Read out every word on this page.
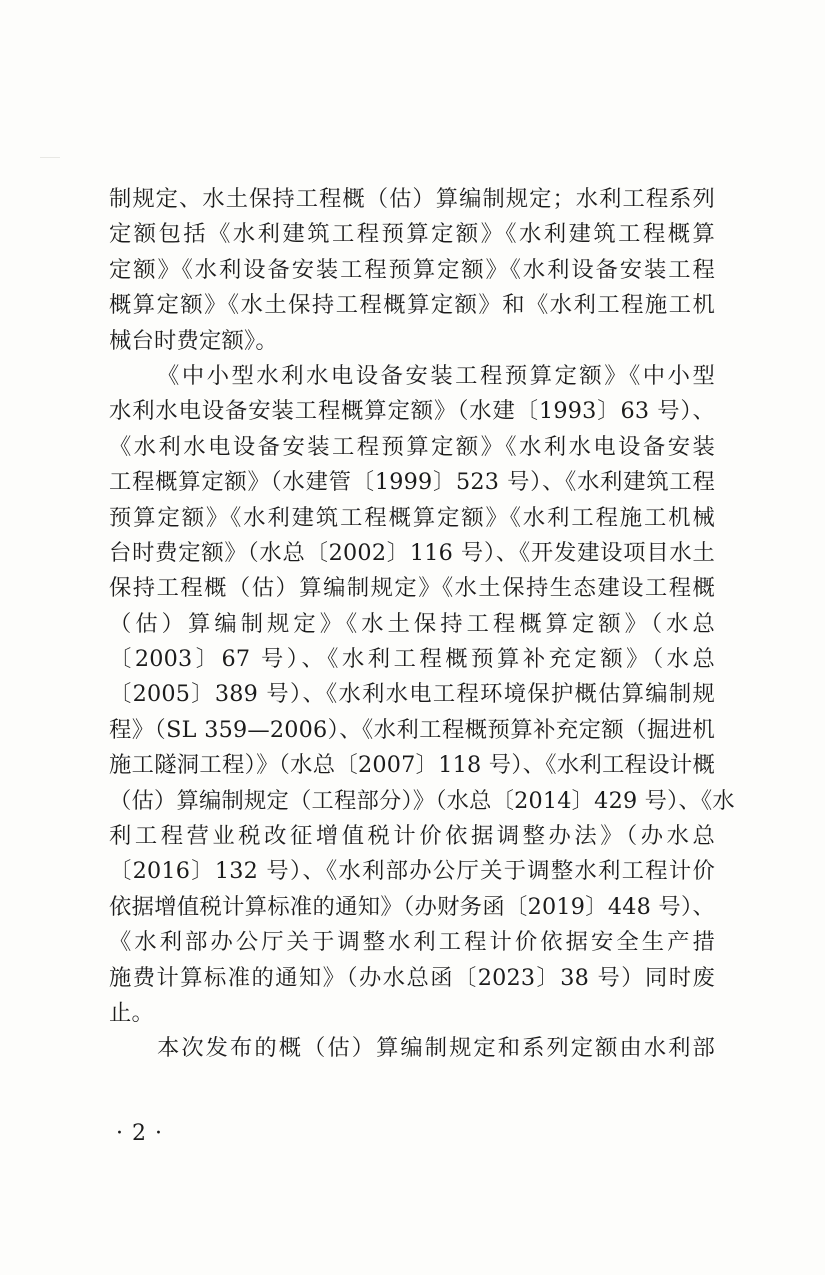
制规定、水土保持工程概（估）算编制规定；水利工程系列
定额包括《水利建筑工程预算定额》《水利建筑工程概算
定额》《水利设备安装工程预算定额》《水利设备安装工程
概算定额》《水土保持工程概算定额》和《水利工程施工机
械台时费定额》。
《中小型水利水电设备安装工程预算定额》《中小型
水利水电设备安装工程概算定额》（水建〔1993〕63 号）、
《水利水电设备安装工程预算定额》《水利水电设备安装
工程概算定额》（水建管〔1999〕523 号）、《水利建筑工程
预算定额》《水利建筑工程概算定额》《水利工程施工机械
台时费定额》（水总〔2002〕116 号）、《开发建设项目水土
保持工程概（估）算编制规定》《水土保持生态建设工程概
（估）算编制规定》《水土保持工程概算定额》（水总
〔2003〕67 号）、《水利工程概预算补充定额》（水总
〔2005〕389 号）、《水利水电工程环境保护概估算编制规
程》（SL 359—2006）、《水利工程概预算补充定额（掘进机
施工隧洞工程）》（水总〔2007〕118 号）、《水利工程设计概
（估）算编制规定（工程部分）》（水总〔2014〕429 号）、《水
利工程营业税改征增值税计价依据调整办法》（办水总
〔2016〕132 号）、《水利部办公厅关于调整水利工程计价
依据增值税计算标准的通知》（办财务函〔2019〕448 号）、
《水利部办公厅关于调整水利工程计价依据安全生产措
施费计算标准的通知》（办水总函〔2023〕38 号）同时废
止。
本次发布的概（估）算编制规定和系列定额由水利部
· 2 ·
